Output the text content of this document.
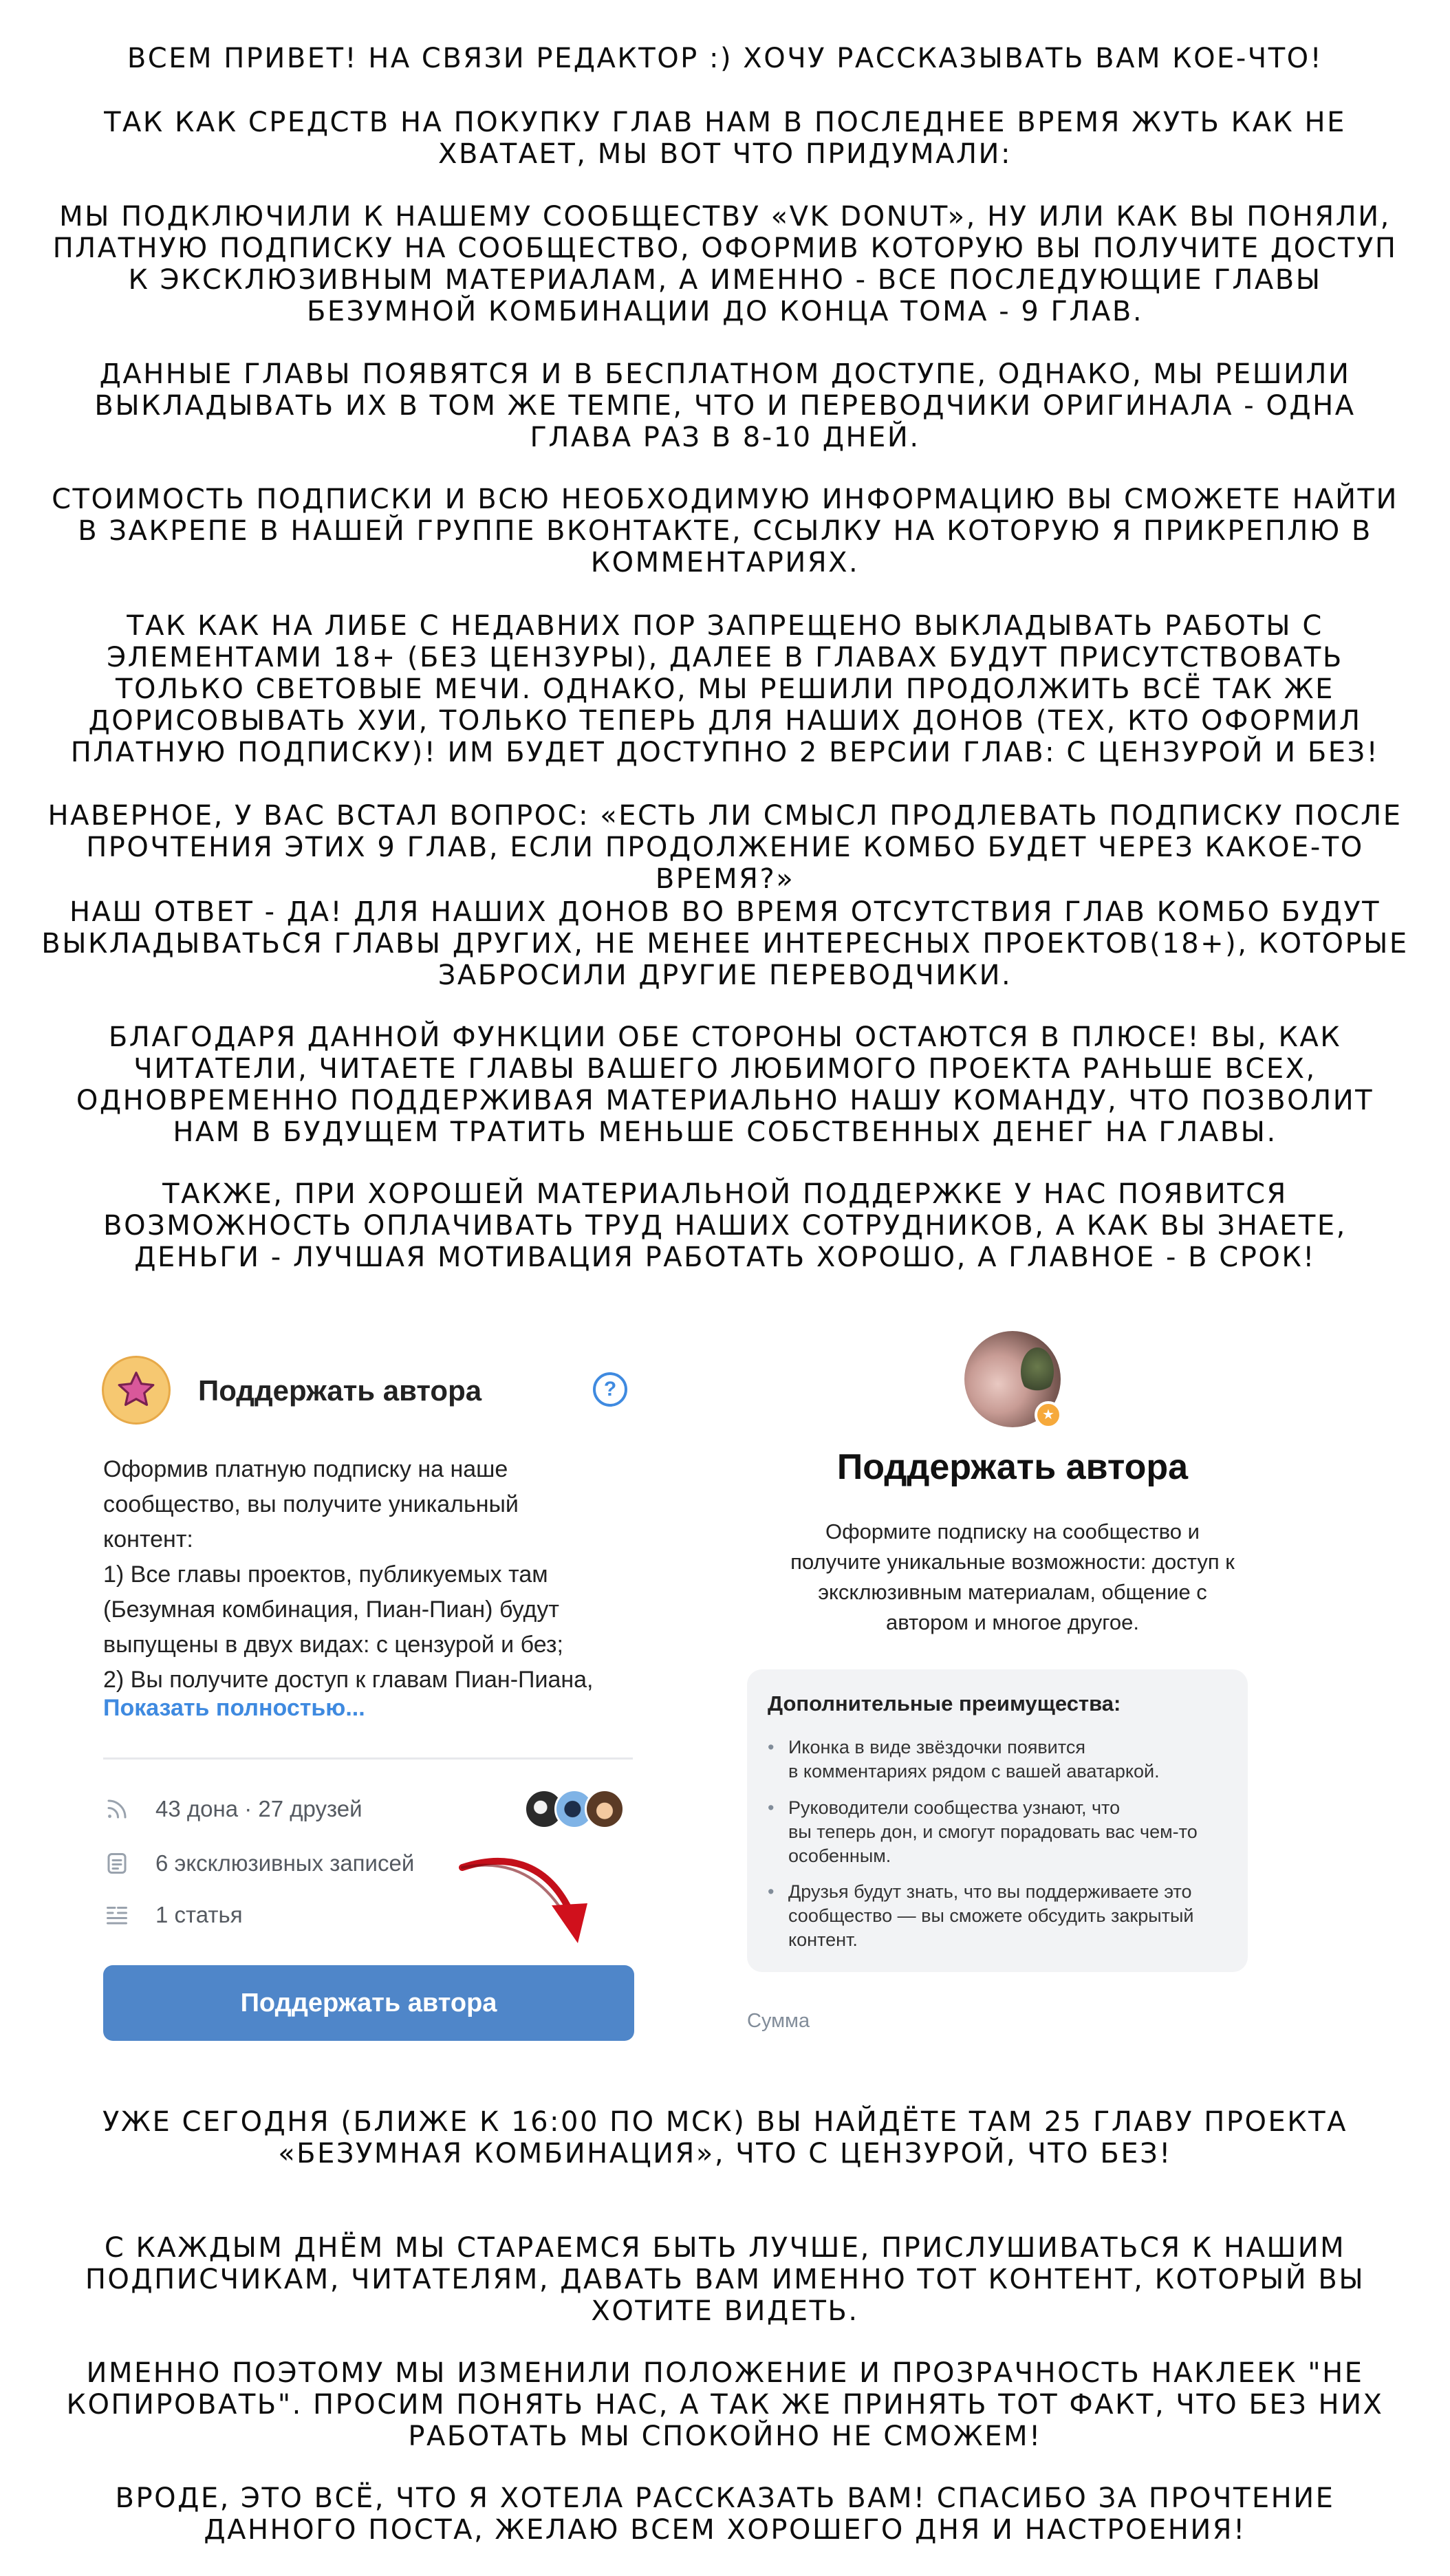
ВСЕМ ПРИВЕТ! НА СВЯЗИ РЕДАКТОР :) ХОЧУ РАССКАЗЫВАТЬ ВАМ КОЕ-ЧТО!

ТАК КАК СРЕДСТВ НА ПОКУПКУ ГЛАВ НАМ В ПОСЛЕДНЕЕ ВРЕМЯ ЖУТЬ КАК НЕ ХВАТАЕТ, МЫ ВОТ ЧТО ПРИДУМАЛИ:

МЫ ПОДКЛЮЧИЛИ К НАШЕМУ СООБЩЕСТВУ «VK DONUT», НУ ИЛИ КАК ВЫ ПОНЯЛИ, ПЛАТНУЮ ПОДПИСКУ НА СООБЩЕСТВО, ОФОРМИВ КОТОРУЮ ВЫ ПОЛУЧИТЕ ДОСТУП К ЭКСКЛЮЗИВНЫМ МАТЕРИАЛАМ, А ИМЕННО - ВСЕ ПОСЛЕДУЮЩИЕ ГЛАВЫ БЕЗУМНОЙ КОМБИНАЦИИ ДО КОНЦА ТОМА - 9 ГЛАВ.

ДАННЫЕ ГЛАВЫ ПОЯВЯТСЯ И В БЕСПЛАТНОМ ДОСТУПЕ, ОДНАКО, МЫ РЕШИЛИ ВЫКЛАДЫВАТЬ ИХ В ТОМ ЖЕ ТЕМПЕ, ЧТО И ПЕРЕВОДЧИКИ ОРИГИНАЛА - ОДНА ГЛАВА РАЗ В 8-10 ДНЕЙ.

СТОИМОСТЬ ПОДПИСКИ И ВСЮ НЕОБХОДИМУЮ ИНФОРМАЦИЮ ВЫ СМОЖЕТЕ НАЙТИ В ЗАКРЕПЕ В НАШЕЙ ГРУППЕ ВКОНТАКТЕ, ССЫЛКУ НА КОТОРУЮ Я ПРИКРЕПЛЮ В КОММЕНТАРИЯХ.

ТАК КАК НА ЛИБЕ С НЕДАВНИХ ПОР ЗАПРЕЩЕНО ВЫКЛАДЫВАТЬ РАБОТЫ С ЭЛЕМЕНТАМИ 18+ (БЕЗ ЦЕНЗУРЫ), ДАЛЕЕ В ГЛАВАХ БУДУТ ПРИСУТСТВОВАТЬ ТОЛЬКО СВЕТОВЫЕ МЕЧИ. ОДНАКО, МЫ РЕШИЛИ ПРОДОЛЖИТЬ ВСЁ ТАК ЖЕ ДОРИСОВЫВАТЬ ХУИ, ТОЛЬКО ТЕПЕРЬ ДЛЯ НАШИХ ДОНОВ (ТЕХ, КТО ОФОРМИЛ ПЛАТНУЮ ПОДПИСКУ)! ИМ БУДЕТ ДОСТУПНО 2 ВЕРСИИ ГЛАВ: С ЦЕНЗУРОЙ И БЕЗ!

НАВЕРНОЕ, У ВАС ВСТАЛ ВОПРОС: «ЕСТЬ ЛИ СМЫСЛ ПРОДЛЕВАТЬ ПОДПИСКУ ПОСЛЕ ПРОЧТЕНИЯ ЭТИХ 9 ГЛАВ, ЕСЛИ ПРОДОЛЖЕНИЕ КОМБО БУДЕТ ЧЕРЕЗ КАКОЕ-ТО ВРЕМЯ?»

НАШ ОТВЕТ - ДА! ДЛЯ НАШИХ ДОНОВ ВО ВРЕМЯ ОТСУТСТВИЯ ГЛАВ КОМБО БУДУТ ВЫКЛАДЫВАТЬСЯ ГЛАВЫ ДРУГИХ, НЕ МЕНЕЕ ИНТЕРЕСНЫХ ПРОЕКТОВ(18+), КОТОРЫЕ ЗАБРОСИЛИ ДРУГИЕ ПЕРЕВОДЧИКИ.

БЛАГОДАРЯ ДАННОЙ ФУНКЦИИ ОБЕ СТОРОНЫ ОСТАЮТСЯ В ПЛЮСЕ! ВЫ, КАК ЧИТАТЕЛИ, ЧИТАЕТЕ ГЛАВЫ ВАШЕГО ЛЮБИМОГО ПРОЕКТА РАНЬШЕ ВСЕХ, ОДНОВРЕМЕННО ПОДДЕРЖИВАЯ МАТЕРИАЛЬНО НАШУ КОМАНДУ, ЧТО ПОЗВОЛИТ НАМ В БУДУЩЕМ ТРАТИТЬ МЕНЬШЕ СОБСТВЕННЫХ ДЕНЕГ НА ГЛАВЫ.

ТАКЖЕ, ПРИ ХОРОШЕЙ МАТЕРИАЛЬНОЙ ПОДДЕРЖКЕ У НАС ПОЯВИТСЯ ВОЗМОЖНОСТЬ ОПЛАЧИВАТЬ ТРУД НАШИХ СОТРУДНИКОВ, А КАК ВЫ ЗНАЕТЕ, ДЕНЬГИ - ЛУЧШАЯ МОТИВАЦИЯ РАБОТАТЬ ХОРОШО, А ГЛАВНОЕ - В СРОК!

Поддержать автора	?
Оформив платную подписку на наше
сообщество, вы получите уникальный
контент:
1) Все главы проектов, публикуемых там
(Безумная комбинация, Пиан-Пиан) будут
выпущены в двух видах: с цензурой и без;
2) Вы получите доступ к главам Пиан-Пиана,
Показать полностью...
43 дона · 27 друзей
6 эксклюзивных записей
1 статья
Поддержать автора
★
Поддержать автора
Оформите подписку на сообщество и
получите уникальные возможности: доступ к
эксклюзивным материалам, общение с
автором и многое другое.
Дополнительные преимущества:
• Иконка в виде звёздочки появится
в комментариях рядом с вашей аватаркой.
• Руководители сообщества узнают, что
вы теперь дон, и смогут порадовать вас чем-то
особенным.
• Друзья будут знать, что вы поддерживаете это
сообщество — вы сможете обсудить закрытый
контент.
Сумма

УЖЕ СЕГОДНЯ (БЛИЖЕ К 16:00 ПО МСК) ВЫ НАЙДЁТЕ ТАМ 25 ГЛАВУ ПРОЕКТА «БЕЗУМНАЯ КОМБИНАЦИЯ», ЧТО С ЦЕНЗУРОЙ, ЧТО БЕЗ!

С КАЖДЫМ ДНЁМ МЫ СТАРАЕМСЯ БЫТЬ ЛУЧШЕ, ПРИСЛУШИВАТЬСЯ К НАШИМ ПОДПИСЧИКАМ, ЧИТАТЕЛЯМ, ДАВАТЬ ВАМ ИМЕННО ТОТ КОНТЕНТ, КОТОРЫЙ ВЫ ХОТИТЕ ВИДЕТЬ.

ИМЕННО ПОЭТОМУ МЫ ИЗМЕНИЛИ ПОЛОЖЕНИЕ И ПРОЗРАЧНОСТЬ НАКЛЕЕК "НЕ КОПИРОВАТЬ". ПРОСИМ ПОНЯТЬ НАС, А ТАК ЖЕ ПРИНЯТЬ ТОТ ФАКТ, ЧТО БЕЗ НИХ РАБОТАТЬ МЫ СПОКОЙНО НЕ СМОЖЕМ!

ВРОДЕ, ЭТО ВСЁ, ЧТО Я ХОТЕЛА РАССКАЗАТЬ ВАМ! СПАСИБО ЗА ПРОЧТЕНИЕ ДАННОГО ПОСТА, ЖЕЛАЮ ВСЕМ ХОРОШЕГО ДНЯ И НАСТРОЕНИЯ!
